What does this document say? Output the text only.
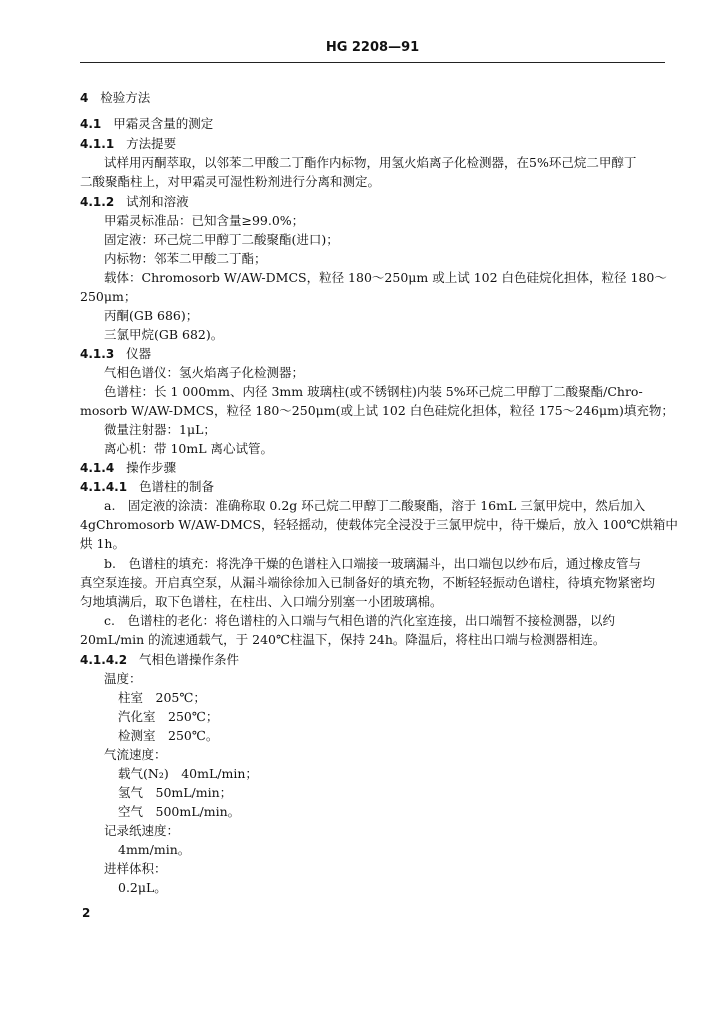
HG 2208—91
4 检验方法
4.1 甲霜灵含量的测定
4.1.1 方法提要
试样用丙酮萃取，以邻苯二甲酸二丁酯作内标物，用氢火焰离子化检测器，在5%环己烷二甲醇丁
二酸聚酯柱上，对甲霜灵可湿性粉剂进行分离和测定。
4.1.2 试剂和溶液
甲霜灵标准品：已知含量≥99.0%；
固定液：环己烷二甲醇丁二酸聚酯(进口)；
内标物：邻苯二甲酸二丁酯；
载体：Chromosorb W/AW-DMCS，粒径 180～250μm 或上试 102 白色硅烷化担体，粒径 180～
250μm；
丙酮(GB 686)；
三氯甲烷(GB 682)。
4.1.3 仪器
气相色谱仪：氢火焰离子化检测器；
色谱柱：长 1 000mm、内径 3mm 玻璃柱(或不锈钢柱)内装 5%环己烷二甲醇丁二酸聚酯/Chro-
mosorb W/AW-DMCS，粒径 180～250μm(或上试 102 白色硅烷化担体，粒径 175～246μm)填充物；
微量注射器：1μL；
离心机：带 10mL 离心试管。
4.1.4 操作步骤
4.1.4.1 色谱柱的制备
a.　固定液的涂渍：准确称取 0.2g 环己烷二甲醇丁二酸聚酯，溶于 16mL 三氯甲烷中，然后加入
4gChromosorb W/AW-DMCS，轻轻摇动，使载体完全浸没于三氯甲烷中，待干燥后，放入 100℃烘箱中
烘 1h。
b.　色谱柱的填充：将洗净干燥的色谱柱入口端接一玻璃漏斗，出口端包以纱布后，通过橡皮管与
真空泵连接。开启真空泵，从漏斗端徐徐加入已制备好的填充物，不断轻轻振动色谱柱，待填充物紧密均
匀地填满后，取下色谱柱，在柱出、入口端分别塞一小团玻璃棉。
c.　色谱柱的老化：将色谱柱的入口端与气相色谱的汽化室连接，出口端暂不接检测器，以约
20mL/min 的流速通载气，于 240℃柱温下，保持 24h。降温后，将柱出口端与检测器相连。
4.1.4.2 气相色谱操作条件
温度：
柱室　205℃；
汽化室　250℃；
检测室　250℃。
气流速度：
载气(N₂)　40mL/min；
氢气　50mL/min；
空气　500mL/min。
记录纸速度：
4mm/min。
进样体积：
0.2μL。
2
